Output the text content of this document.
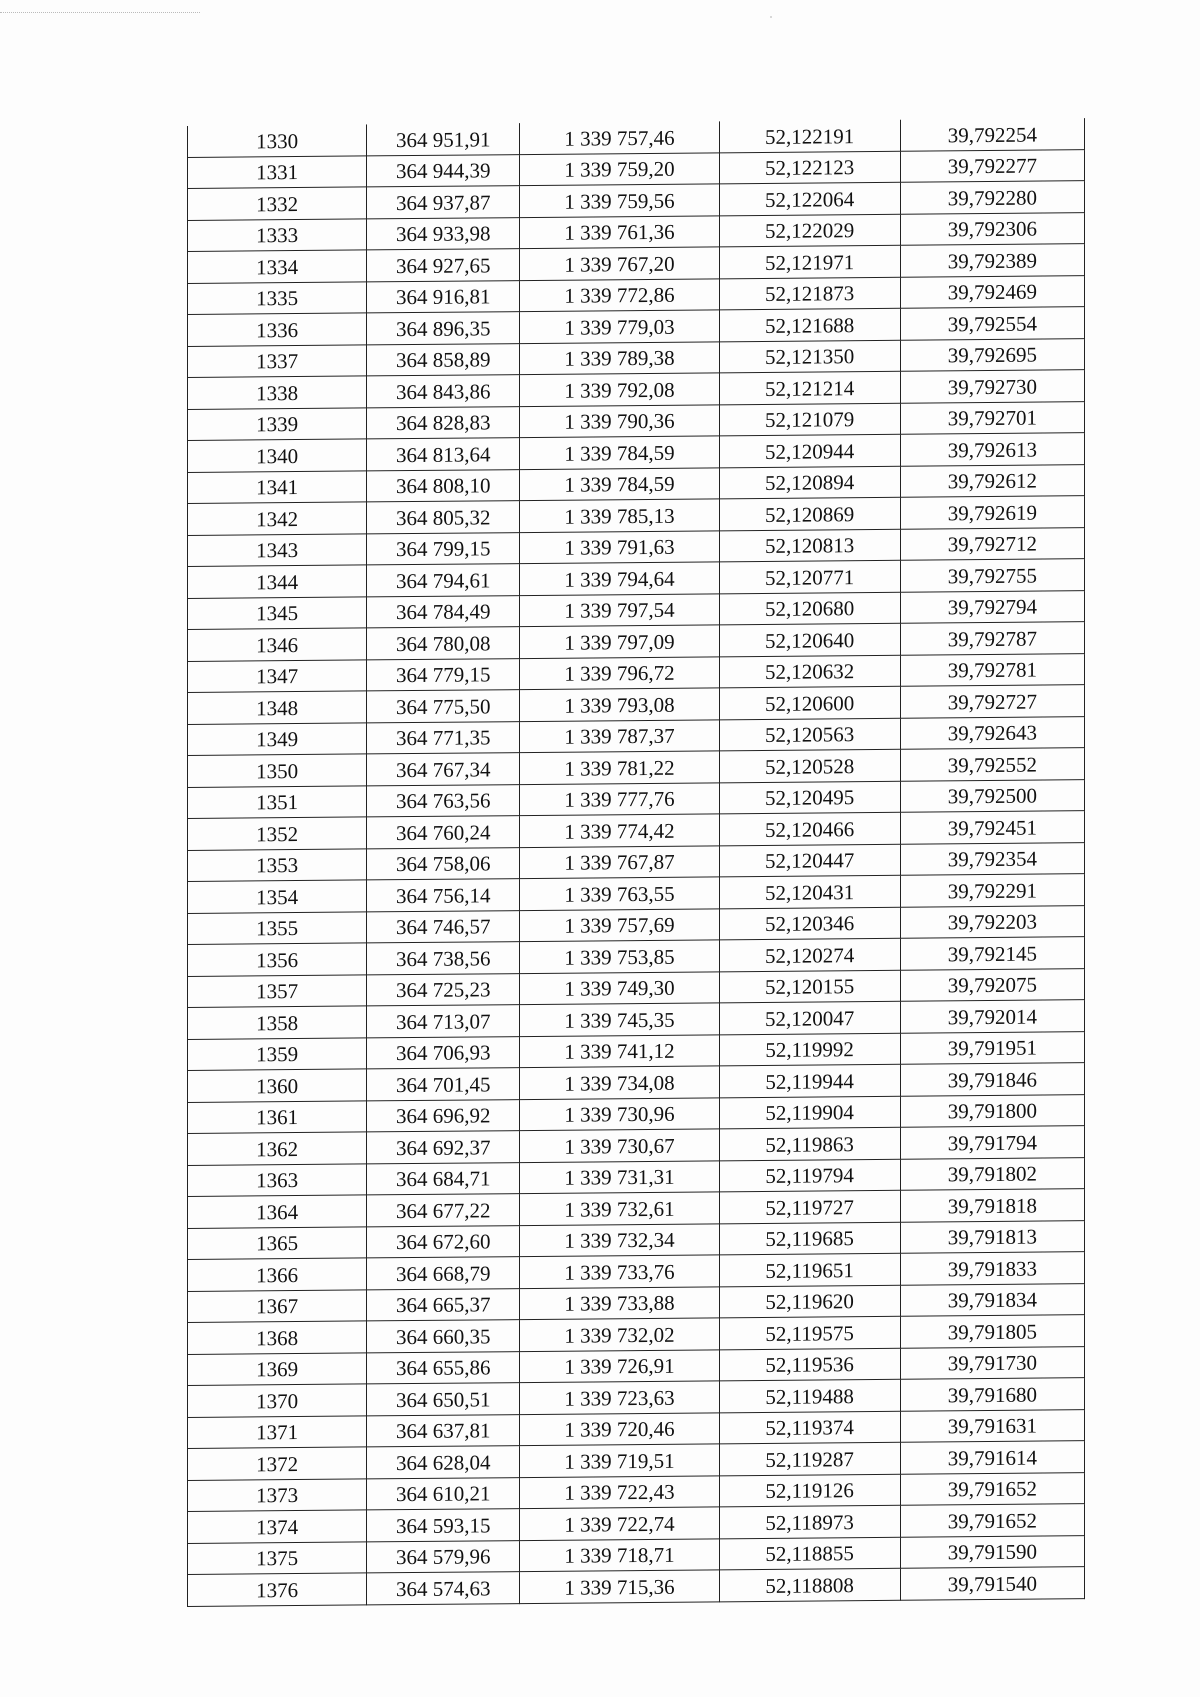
1330	364 951,91	1 339 757,46	52,122191	39,792254
1331	364 944,39	1 339 759,20	52,122123	39,792277
1332	364 937,87	1 339 759,56	52,122064	39,792280
1333	364 933,98	1 339 761,36	52,122029	39,792306
1334	364 927,65	1 339 767,20	52,121971	39,792389
1335	364 916,81	1 339 772,86	52,121873	39,792469
1336	364 896,35	1 339 779,03	52,121688	39,792554
1337	364 858,89	1 339 789,38	52,121350	39,792695
1338	364 843,86	1 339 792,08	52,121214	39,792730
1339	364 828,83	1 339 790,36	52,121079	39,792701
1340	364 813,64	1 339 784,59	52,120944	39,792613
1341	364 808,10	1 339 784,59	52,120894	39,792612
1342	364 805,32	1 339 785,13	52,120869	39,792619
1343	364 799,15	1 339 791,63	52,120813	39,792712
1344	364 794,61	1 339 794,64	52,120771	39,792755
1345	364 784,49	1 339 797,54	52,120680	39,792794
1346	364 780,08	1 339 797,09	52,120640	39,792787
1347	364 779,15	1 339 796,72	52,120632	39,792781
1348	364 775,50	1 339 793,08	52,120600	39,792727
1349	364 771,35	1 339 787,37	52,120563	39,792643
1350	364 767,34	1 339 781,22	52,120528	39,792552
1351	364 763,56	1 339 777,76	52,120495	39,792500
1352	364 760,24	1 339 774,42	52,120466	39,792451
1353	364 758,06	1 339 767,87	52,120447	39,792354
1354	364 756,14	1 339 763,55	52,120431	39,792291
1355	364 746,57	1 339 757,69	52,120346	39,792203
1356	364 738,56	1 339 753,85	52,120274	39,792145
1357	364 725,23	1 339 749,30	52,120155	39,792075
1358	364 713,07	1 339 745,35	52,120047	39,792014
1359	364 706,93	1 339 741,12	52,119992	39,791951
1360	364 701,45	1 339 734,08	52,119944	39,791846
1361	364 696,92	1 339 730,96	52,119904	39,791800
1362	364 692,37	1 339 730,67	52,119863	39,791794
1363	364 684,71	1 339 731,31	52,119794	39,791802
1364	364 677,22	1 339 732,61	52,119727	39,791818
1365	364 672,60	1 339 732,34	52,119685	39,791813
1366	364 668,79	1 339 733,76	52,119651	39,791833
1367	364 665,37	1 339 733,88	52,119620	39,791834
1368	364 660,35	1 339 732,02	52,119575	39,791805
1369	364 655,86	1 339 726,91	52,119536	39,791730
1370	364 650,51	1 339 723,63	52,119488	39,791680
1371	364 637,81	1 339 720,46	52,119374	39,791631
1372	364 628,04	1 339 719,51	52,119287	39,791614
1373	364 610,21	1 339 722,43	52,119126	39,791652
1374	364 593,15	1 339 722,74	52,118973	39,791652
1375	364 579,96	1 339 718,71	52,118855	39,791590
1376	364 574,63	1 339 715,36	52,118808	39,791540
